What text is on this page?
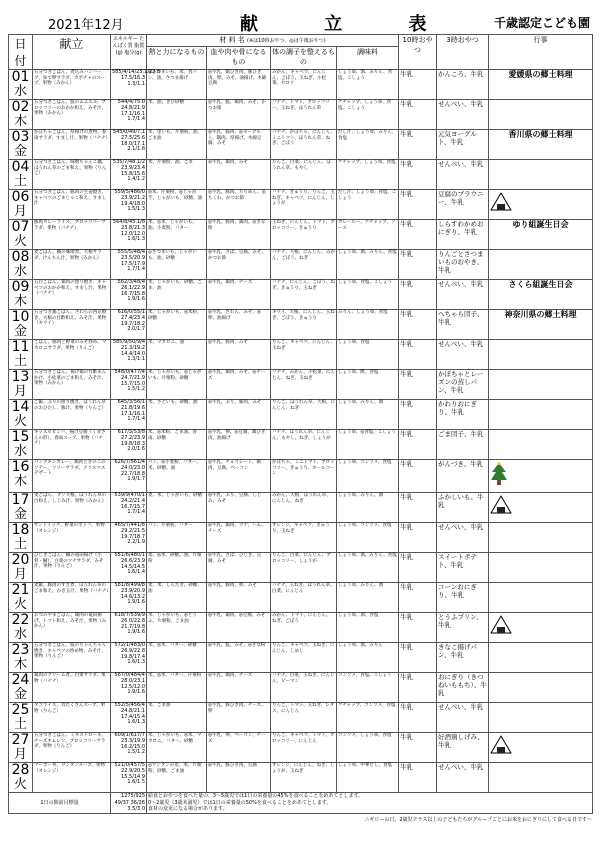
2021年12月	献 立 表	千歳認定こども園
日付	献立	エネルギー たんぱく質 脂質(g) 塩分(g)	材 料 名 (※は10時おやつ、◎は午後おやつ)				10時おやつ	3時おやつ	行事
			熱と力になるもの	血や肉や骨になるもの	体の調子を整えるもの	調味料			

01
水	五分つきごはん、煮込みハンバーグ、ゆで卵サラダ、カボチャのスープ、果物（みかん）	585/4/14/25.1/22.8 17.5/16.3 1.3/1.1	◎さつまいも、米、食パン、油、さつま揚げ	◎牛乳、鶏ひき肉、豚ひき肉、卵、みそ、油揚げ、木綿豆腐	みかん、キャベツ、にんじん、ごぼう、玉ねぎ、小松菜、セロリ	しょうゆ、酒、みりん、食塩、こしょう	牛乳	かんころ、牛乳	愛媛県の郷土料理

02
木	五分つきごはん、鮭のムニエル、ブロッコリーのおかか和え、みそ汁、果物（みかん）	544/4/75.0 24.8/21.9 17.1/16.1 1.7/1.4	米、油、きび砂糖	◎牛乳、鮭、鶏肉、みそ、かつお節	バナナ、トマト、ブロッコリー、玉ねぎ、ほうれん草	ケチャップ、しょうゆ、食塩、こしょう	牛乳	せんべい、牛乳	

03
金	かぼちゃごはん、厚揚げの煮物、春雨サラダ、すまし汁、果物（バナナ）	545/0/49/7.1 27.5/25.6 18.0/17.1 2.1/1.8	米、里いも、片栗粉、油、ごま油	◎牛乳、豚肉、◎ヨーグルト、鶏肉、厚揚げ、木綿豆腐、みそ	バナナ、かぼちゃ、にんじん、ミニトマト、ほうれん草、ねぎ、ごぼう	だし汁、しょうゆ、みりん、食塩	牛乳	元気ヨーグルト、牛乳	香川県の郷土料理

04
土	五分つきごはん、味噌ちゃんこ鍋、ほうれん草のごま和え、果物（りんご）	535/7/48.1/2 23.9/23.4 15.8/15.6 1.4/1.2	米、片栗粉、油、ごま	◎牛乳、鶏肉、みそ	りんご、白菜、にんじん、ほうれん草、もやし	ケチャップ、しょうゆ、食塩	牛乳	せんべい、牛乳	

06
月	五分つきごはん、豚肉の生姜焼き、キャベツのごまじゃこ和え、すまし汁	559/5/486/0 23.9/21.2 19.4/18.0 1.5/1.3	◎米、片栗粉、◎じゃが芋、じゃがいも、砂糖、油	◎牛乳、豚肉、ちりめん、◎ちくわ、かつお節	バナナ、きゅうり、りんご、玉ねぎ、キャベツ、にんじん、しょうが	だし汁、しょうゆ、食塩、こしょう	牛乳	豆腐のブラウニー、牛乳	

07
火	豚肉カレーライス、ブロッコリーサラダ、果物（バナナ）	564/8/45.1/8 23.8/21.3 12.0/12.0 1.6/1.3	米、◎米、じゃがいも、油、小麦粉、バター	◎牛乳、豚肉、鶏肉、◎きな粉	玉ねぎ、にんじん、トマト、ブロッコリー、きゅうり	カレールー、ケチャップ、ソース	牛乳	しらすわかめおにぎり、牛乳	ゆり組誕生日会

08
水	麦ごはん、鯖の味噌煮、大根サラダ、けんちん汁、果物（みかん）	555/5/48/4 23.5/20.9 17.5/17.9 1.7/1.4	◎さつまいも、じゃがいも、油、砂糖	◎牛乳、さば、豆腐、みそ、かつお節	バナナ、大根、にんじん、みかん、ごぼう、ねぎ	しょうゆ、酒、みりん、食塩	牛乳	りんごとさつまいものおやき、牛乳	

09
木	五目ごはん、鶏肉の照り焼き、キャベツのおかか和え、すまし汁、果物（バナナ）	562/3/48/4 26.1/22.9 16.7/15.8 1.9/1.6	米、じゃがいも、砂糖、ごま、油	◎牛乳、鶏肉、チーズ	バナナ、にんじん、ごぼう、ねぎ、きゅうり、玉ねぎ	しょうゆ、食塩、こしょう	牛乳	せんべい、牛乳	さくら組誕生日会

10
金	五分つき鶏ごはん、さわらの西京焼き、大根の甘酢和え、みそ汁、果物（キウイ）	616/0/55/1 27.4/23.4 19.7/18.2 2.0/1.7	米、じゃがいも、◎米粉、砂糖	◎牛乳、さわら、みそ、◎卵、油揚げ	キウイ、大根、にんじん、玉ねぎ、ごぼう、きゅうり	みりん、しょうゆ、食塩	牛乳	へちゃら団子、牛乳	神奈川県の郷土料理

11
土	ごはん、豚肉と野菜のみそ炒め、マカロニサラダ、果物（りんご）	585/9/50/9/4 21.3/19.2 14.4/14.0 1.3/1.1	米、マカロニ、油	◎牛乳、豚肉、みそ	りんご、キャベツ、にんじん、玉ねぎ	しょうゆ、食塩	牛乳	せんべい、牛乳	

13
月	五分つきごはん、揚げ鶏の甘酢あんかけ、小松菜のごま和え、みそ汁、果物（みかん）	548/0/477/4 24.7/21.9 15.7/15.0 1.5/1.2	米、じゃがいも、◎じゃがいも、片栗粉、砂糖	◎牛乳、鶏肉、みそ、◎チーズ	バナナ、みかん、小松菜、にんじん、ねぎ、玉ねぎ	しょうゆ、酢、食塩	牛乳	かぼちゃとレーズンの蒸しパン、牛乳	

14
火	ご飯、ぶりの照り焼き、ほうれん草のおひたし、豚汁、果物（りんご）	645/3/56/1 21.8/19.6 17.1/16.1 1.7/1.4	米、さといも、砂糖、油	◎牛乳、ぶり、豚肉、みそ	りんご、ほうれん草、大根、にんじん、ねぎ	しょうゆ、みりん、酒	牛乳	かわりおにぎり、牛乳	

15
水	キッズビビンバ、揚げ豆腐（くまさんの形）、春雨スープ、果物（バナナ）	617/3/53/8 27.2/23.9 19.8/18.3 2.0/1.6	米、◎米粉、ごま油、春雨、砂糖	◎牛乳、卵、◎豆腐、鶏ひき肉、油揚げ	バナナ、ほうれん草、にんじん、もやし、ねぎ、しょうが	しょうゆ、◎食塩、こしょう	牛乳	ごま団子、牛乳	

16
木	パンプキンカレー、鶏肉ときのこのソテー、ツリーサラダ、クリスマスデザート	626/7/561/4 24.0/23.0 22.7/18.8 1.9/1.7	パン、◎小麦粉、バター、米、砂糖、油	◎牛乳、チョコレート、鶏肉、豆腐、ベーコン	かぼちゃ、ミニトマト、ブロッコリー、きゅうり、ホールコーン	しょうゆ、コンソメ、食塩	牛乳	がんづき、牛乳	

17
金	麦ごはん、ブリ大根、ほうれん草の白和え、しじみ汁、果物（みかん）	539/9/470/1 24.2/21.4 16.7/15.7 1.7/1.4	麦、米、じゃがいも、砂糖	◎牛乳、ぶり、豆腐、しじみ、みそ	みかん、大根、ほうれん草、にんじん、ねぎ	しょうゆ、みりん、酒	牛乳	ふかしいも、牛乳	

18
土	サンドイッチ、野菜のポトフ、果物（オレンジ）	465/7/441/8 29.2/21.5 19.7/18.7 2.2/1.9	パン、片栗粉、バター	◎牛乳、鶏肉、ツナ、ハム、チーズ	オレンジ、キャベツ、きゅうり、玉ねぎ	しょうゆ、コンソメ、食塩	牛乳	せんべい、牛乳	

20
月	ひじきごはん、鯖の竜田揚げ（小骨・鯖）、白菜のツナサラダ、みそ汁、果物（りんご）	551/6/480/1 26.6/23.9 14.5/14.5 1.6/1.4	米、◎米、砂糖、油、片栗粉	◎牛乳、さば、ひじき、豆腐、みそ	りんご、白菜、にんじん、ブロッコリー、しょうが	しょうゆ、酒、みりん、食塩	牛乳	スイートポテト、牛乳	

21
火	麦飯、豚肉のすき煮、ほうれん草のごま和え、かき玉汁、果物（バナナ）	581/8/499/8 23.9/20.9 14.6/13.2 1.9/1.6	麦、米、しらたき、砂糖、油	◎牛乳、豚肉、卵、みそ	バナナ、玉ねぎ、ほうれん草、白菜、にんじん	しょうゆ、みりん、酒	牛乳	コーンおにぎり、牛乳	

22
水	おつのやまごはん、鶏肉の竜田揚げ、トマト和え、みそ汁、果物（みかん）	618/7/539/9 26.0/22.8 21.7/19.8 1.9/1.6	米、じゃがいも、◎とうふ、片栗粉、ごま油	◎牛乳、鶏肉、◎豆腐、みそ	みかん、トマト、にんじん、ねぎ、ごぼう	しょうゆ、酒、食塩	牛乳	とうふプリン、牛乳	

23
木	五分つきごはん、鮭のちゃんちゃん焼き、キャベツの炒め物、みそ汁、果物（りんご）	572/1/483/0 26.9/22.8 19.8/17.4 1.6/1.3	米、◎米、バター、砂糖	◎牛乳、鮭、みそ、◎きな粉	りんご、キャベツ、玉ねぎ、にんじん、しめじ	しょうゆ、酒、みりん	牛乳	きなこ揚げパン、牛乳	

24
金	鶏肉のクリーム煮、白菜サラダ、果物（バナナ）	567/0/484/4 28.0/23.1 12.5/12.0 1.9/1.6	米、◎米、バター、片栗粉	◎牛乳、鶏肉、チーズ	バナナ、白菜、玉ねぎ、にんじん、ピーマン	コンソメ、食塩、こしょう	牛乳	おにぎり（きつねいももち）、牛乳	

25
土	タコライス、具だくさんスープ、果物（りんご）	552/5/456/4 24.8/21.1 17.4/15.4 1.6/1.3	米、ごま油	◎牛乳、豚ひき肉、チーズ、卵	りんご、トマト、玉ねぎ、レタス、にんじん	ケチャップ、コンソメ、食塩	牛乳	せんべい、牛乳	

27
月	五分つきごはん、ミネストローネ、チーズオムレツ、ブロッコリーサラダ、果物（りんご）	609/1/617/7 23.3/19.9 16.2/15.0 1.5/1.2	米、じゃがいも、◎米、マカロニ、バター、砂糖	◎牛乳、卵、ベーコン、チーズ	りんご、キャベツ、トマト、ブロッコリー、にんじん	コンソメ、しょうゆ、食塩	牛乳	好酒鶏しげみ、牛乳	

28
火	マーボー丼、ワンタンスープ、果物（オレンジ）	521/0/457/5 22.9/20.5 15.5/14.9 1.6/1.5	◎ワンタンの皮、米、片栗粉、砂糖、ごま油	◎牛乳、豚ひき肉、豆腐	オレンジ、にんじん、ねぎ、しょうが、玉ねぎ	しょうゆ、中華だし、食塩	牛乳	せんべい、牛乳	

1日の問前目標量		1275/925 49/37 36/26 3.5/3.0	給食とおやつを食べた量の、3～5歳児では1日の栄養量の45%を食べることをめあてとします。
0～2歳児（3歳未満児）では1日の栄養量の50%を食べることをめあてとします。
食材の変更になる場合があります。						
ニギローの日。2歳児クラス以上の子どもたちがグループごとにお米をおにぎりにして食べる日です～
